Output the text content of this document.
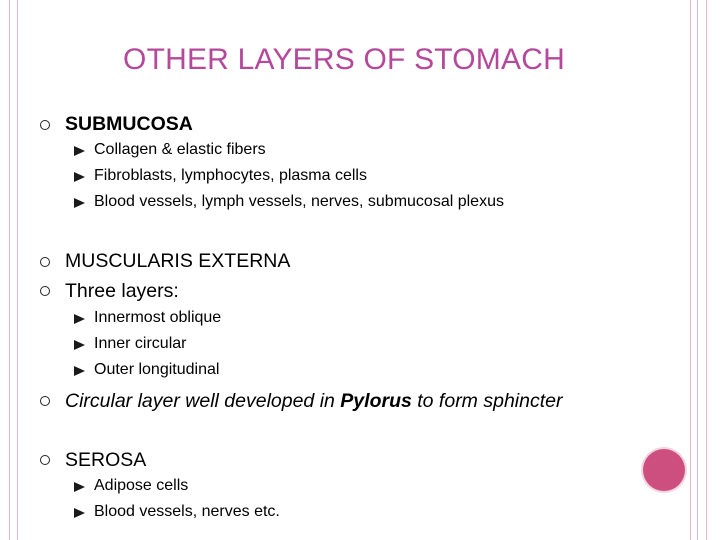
OTHER LAYERS OF STOMACH
SUBMUCOSA
Collagen & elastic fibers
Fibroblasts, lymphocytes, plasma cells
Blood vessels, lymph vessels, nerves, submucosal plexus
MUSCULARIS EXTERNA
Three layers:
Innermost oblique
Inner circular
Outer longitudinal
Circular layer well developed in Pylorus to form sphincter
SEROSA
Adipose cells
Blood vessels, nerves etc.
